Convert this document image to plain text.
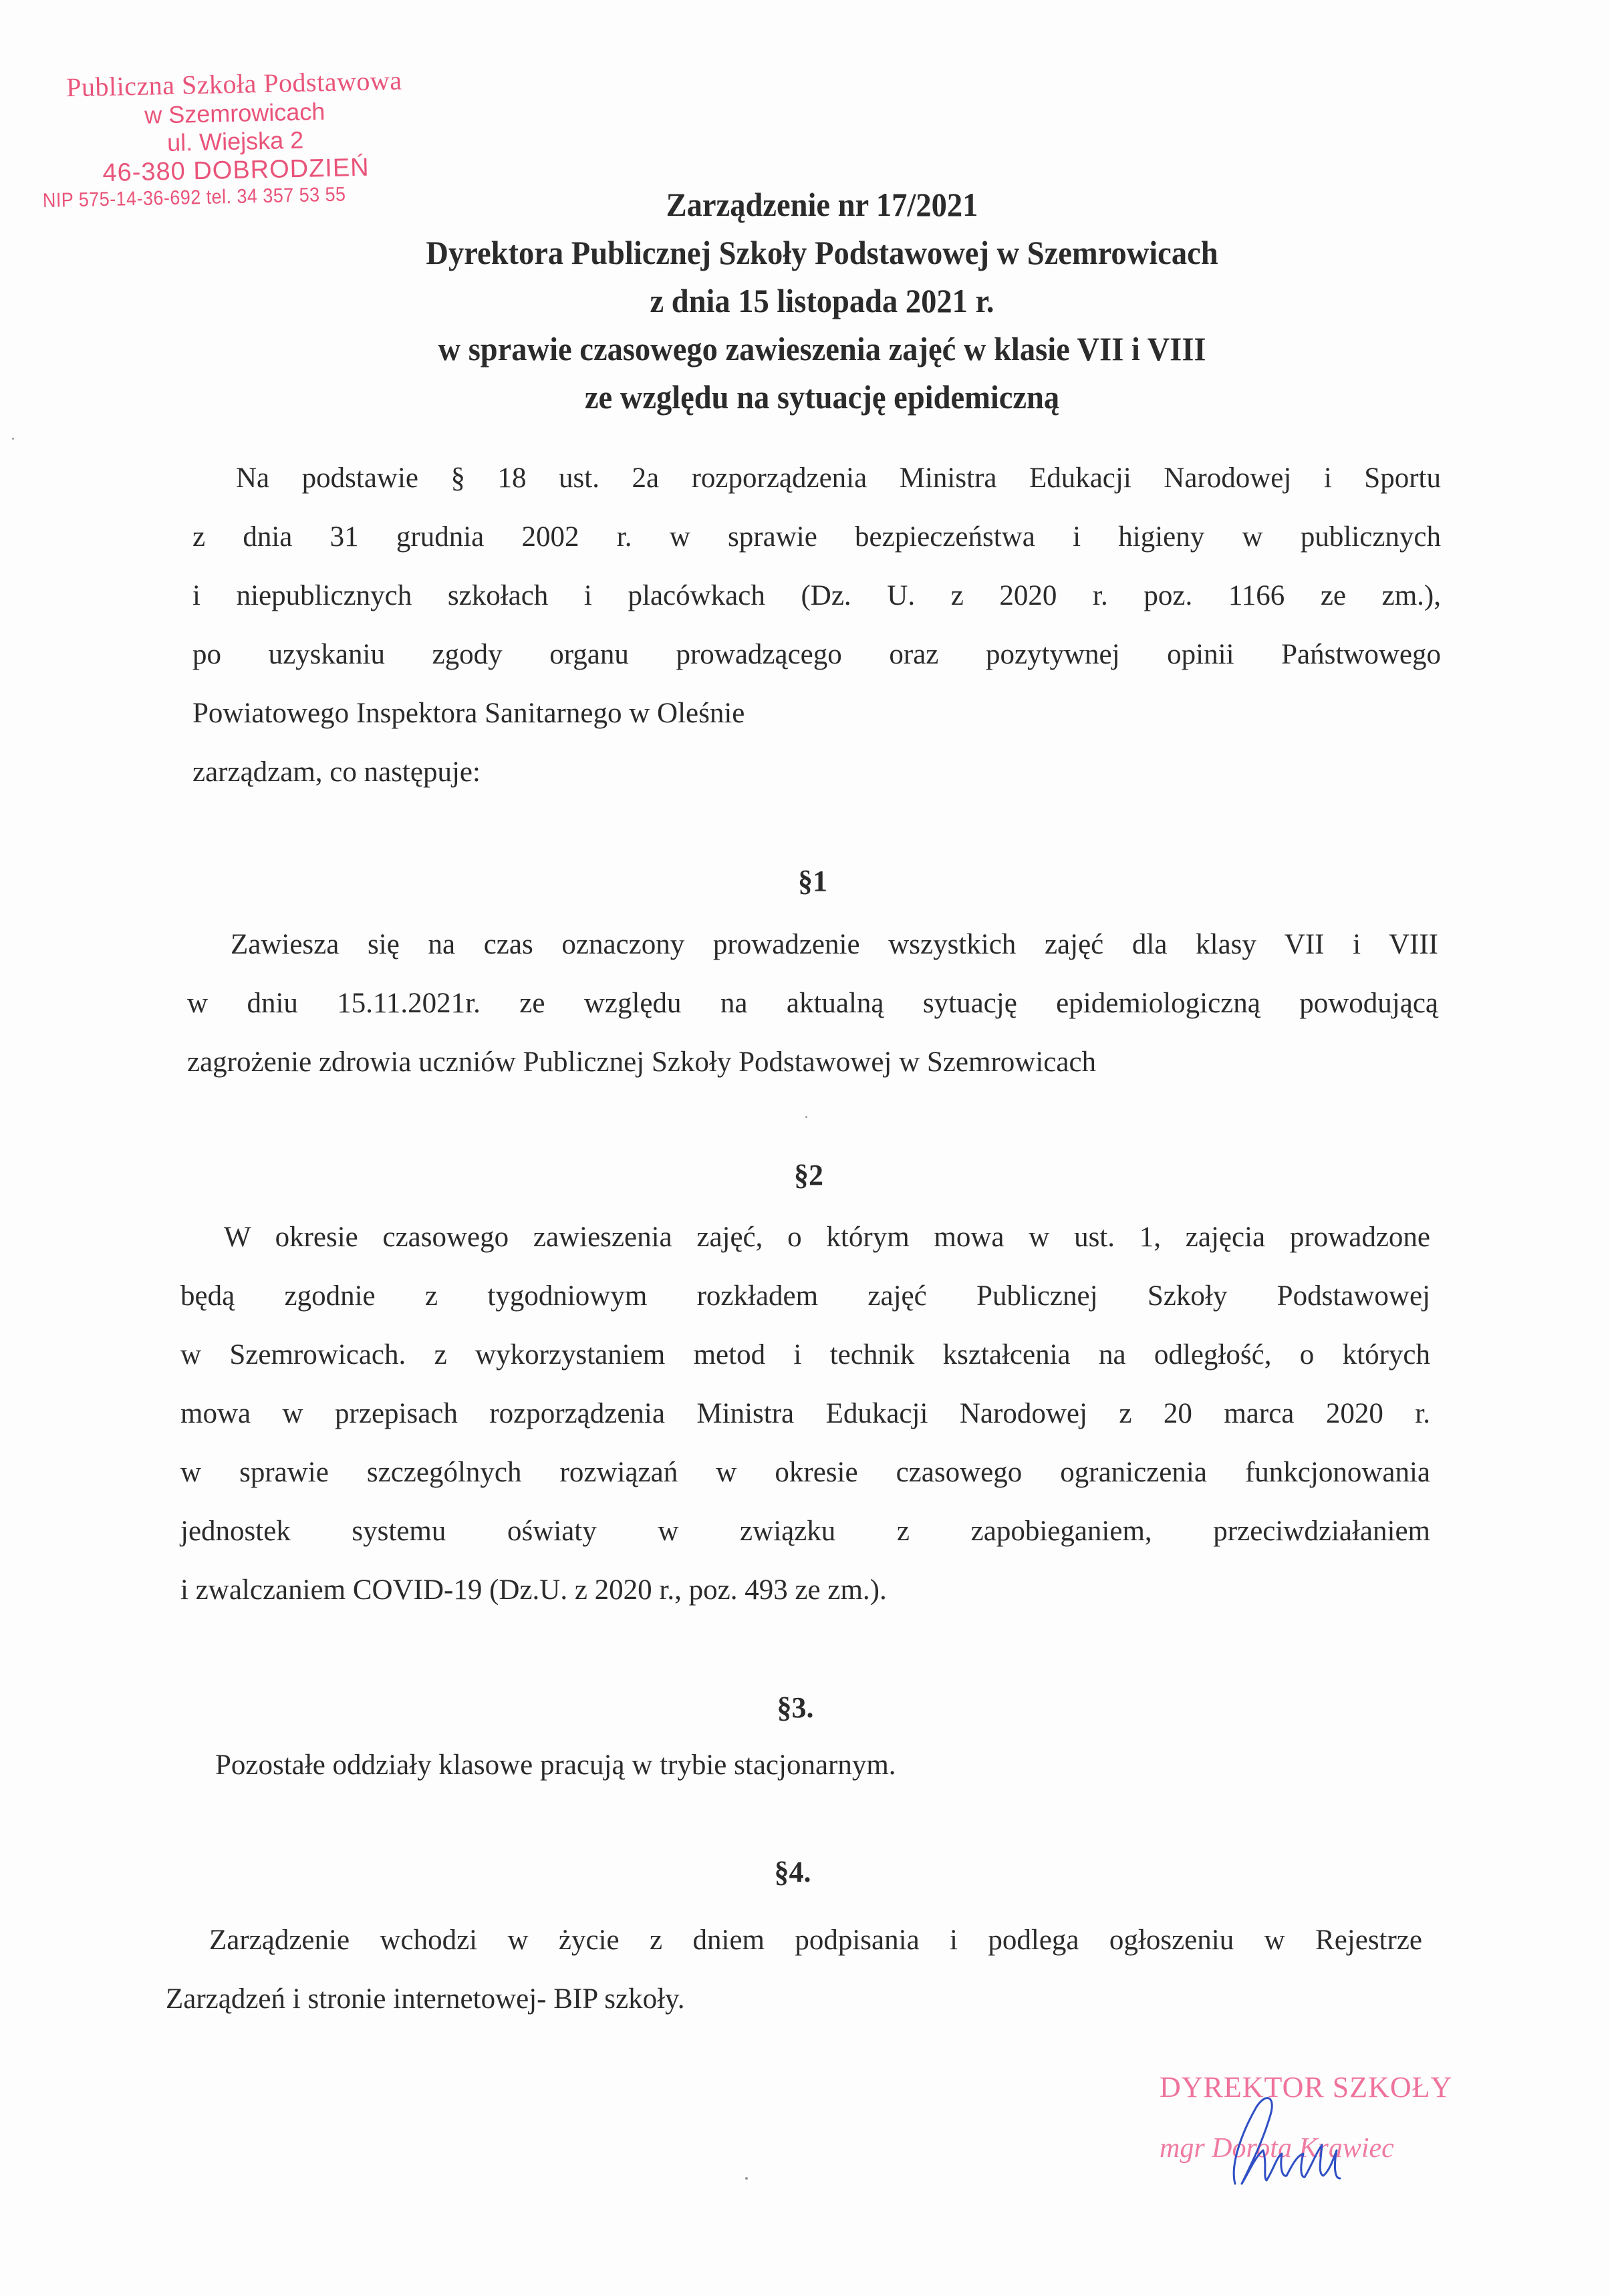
Publiczna Szkoła Podstawowa
w Szemrowicach
ul. Wiejska 2
46-380 DOBRODZIEŃ
NIP 575-14-36-692 tel. 34 357 53 55	Zarządzenie nr 17/2021
Dyrektora Publicznej Szkoły Podstawowej w Szemrowicach
z dnia 15 listopada 2021 r.
w sprawie czasowego zawieszenia zajęć w klasie VII i VIII
ze względu na sytuację epidemiczną
Na podstawie § 18 ust. 2a rozporządzenia Ministra Edukacji Narodowej i Sportu
z dnia 31 grudnia 2002 r. w sprawie bezpieczeństwa i higieny w publicznych
i niepublicznych szkołach i placówkach (Dz. U. z 2020 r. poz. 1166 ze zm.),
po uzyskaniu zgody organu prowadzącego oraz pozytywnej opinii Państwowego
Powiatowego Inspektora Sanitarnego w Oleśnie
zarządzam, co następuje:
§1
Zawiesza się na czas oznaczony prowadzenie wszystkich zajęć dla klasy VII i VIII
w dniu 15.11.2021r. ze względu na aktualną sytuację epidemiologiczną powodującą
zagrożenie zdrowia uczniów Publicznej Szkoły Podstawowej w Szemrowicach
§2
W okresie czasowego zawieszenia zajęć, o którym mowa w ust. 1, zajęcia prowadzone
będą zgodnie z tygodniowym rozkładem zajęć Publicznej Szkoły Podstawowej
w Szemrowicach. z wykorzystaniem metod i technik kształcenia na odległość, o których
mowa w przepisach rozporządzenia Ministra Edukacji Narodowej z 20 marca 2020 r.
w sprawie szczególnych rozwiązań w okresie czasowego ograniczenia funkcjonowania
jednostek systemu oświaty w związku z zapobieganiem, przeciwdziałaniem
i zwalczaniem COVID-19 (Dz.U. z 2020 r., poz. 493 ze zm.).
§3.
Pozostałe oddziały klasowe pracują w trybie stacjonarnym.
§4.
Zarządzenie wchodzi w życie z dniem podpisania i podlega ogłoszeniu w Rejestrze
Zarządzeń i stronie internetowej- BIP szkoły.
DYREKTOR SZKOŁY
mgr Dorota Krawiec
